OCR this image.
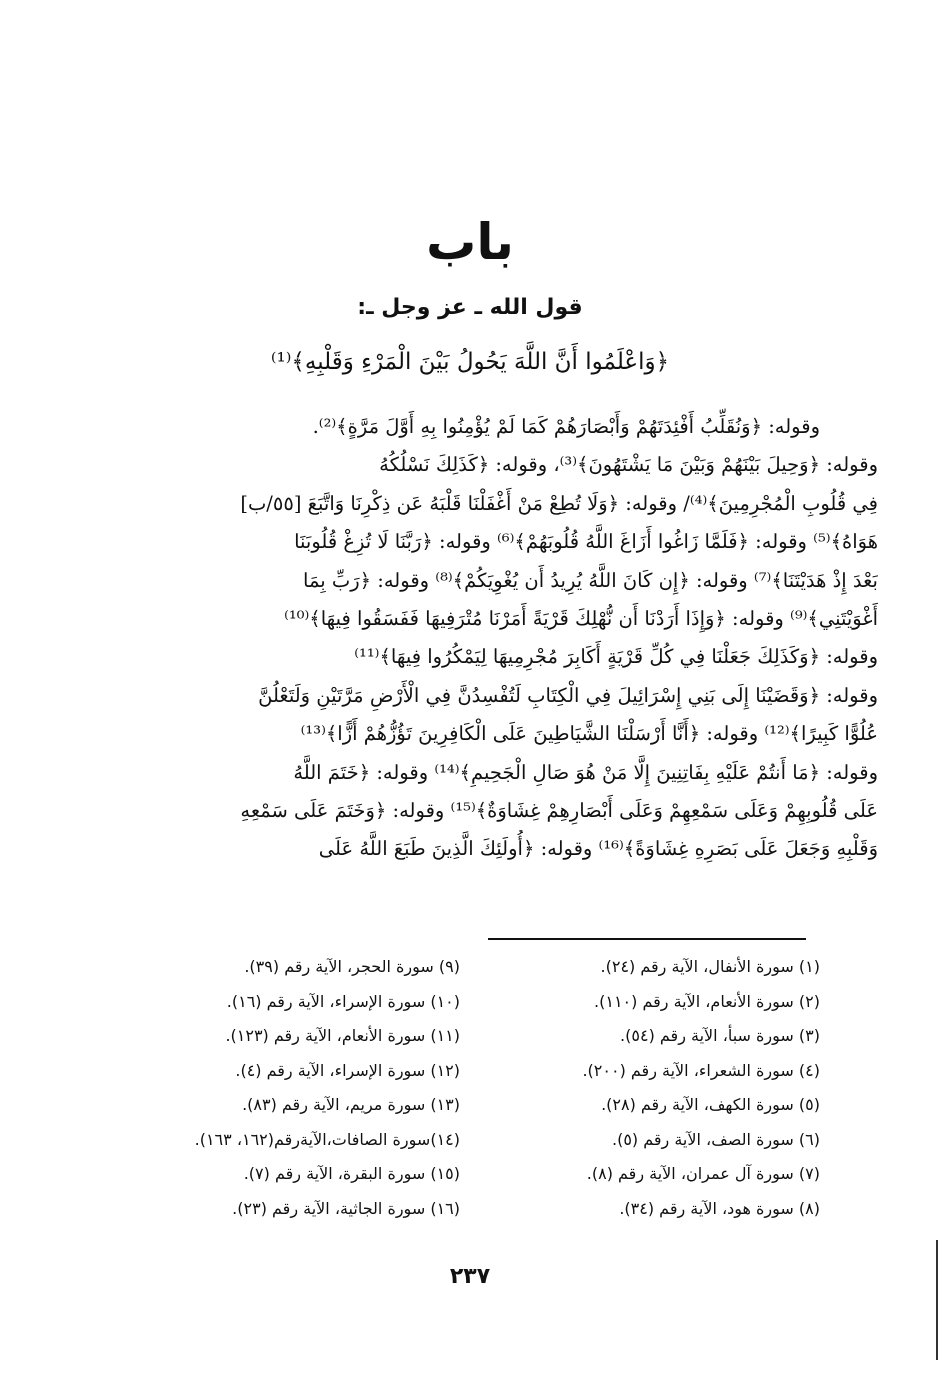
باب
قول الله ـ عز وجل ـ:
﴿وَاعْلَمُوا أَنَّ اللَّهَ يَحُولُ بَيْنَ الْمَرْءِ وَقَلْبِهِ﴾⁽¹⁾
وقوله: ﴿وَنُقَلِّبُ أَفْئِدَتَهُمْ وَأَبْصَارَهُمْ كَمَا لَمْ يُؤْمِنُوا بِهِ أَوَّلَ مَرَّةٍ﴾⁽²⁾.
وقوله: ﴿وَحِيلَ بَيْنَهُمْ وَبَيْنَ مَا يَشْتَهُونَ﴾⁽³⁾، وقوله: ﴿كَذَلِكَ نَسْلُكُهُ
فِي قُلُوبِ الْمُجْرِمِينَ﴾⁽⁴⁾/ وقوله: ﴿وَلَا تُطِعْ مَنْ أَغْفَلْنَا قَلْبَهُ عَن ذِكْرِنَا وَاتَّبَعَ [٥٥/ب]
هَوَاهُ﴾⁽⁵⁾ وقوله: ﴿فَلَمَّا زَاغُوا أَزَاغَ اللَّهُ قُلُوبَهُمْ﴾⁽⁶⁾ وقوله: ﴿رَبَّنَا لَا تُزِغْ قُلُوبَنَا
بَعْدَ إِذْ هَدَيْتَنَا﴾⁽⁷⁾ وقوله: ﴿إِن كَانَ اللَّهُ يُرِيدُ أَن يُغْوِيَكُمْ﴾⁽⁸⁾ وقوله: ﴿رَبِّ بِمَا
أَغْوَيْتَنِي﴾⁽⁹⁾ وقوله: ﴿وَإِذَا أَرَدْنَا أَن نُّهْلِكَ قَرْيَةً أَمَرْنَا مُتْرَفِيهَا فَفَسَقُوا فِيهَا﴾⁽¹⁰⁾
وقوله: ﴿وَكَذَلِكَ جَعَلْنَا فِي كُلِّ قَرْيَةٍ أَكَابِرَ مُجْرِمِيهَا لِيَمْكُرُوا فِيهَا﴾⁽¹¹⁾
وقوله: ﴿وَقَضَيْنَا إِلَى بَنِي إِسْرَائِيلَ فِي الْكِتَابِ لَتُفْسِدُنَّ فِي الْأَرْضِ مَرَّتَيْنِ وَلَتَعْلُنَّ
عُلُوًّا كَبِيرًا﴾⁽¹²⁾ وقوله: ﴿أَنَّا أَرْسَلْنَا الشَّيَاطِينَ عَلَى الْكَافِرِينَ تَؤُزُّهُمْ أَزًّا﴾⁽¹³⁾
وقوله: ﴿مَا أَنتُمْ عَلَيْهِ بِفَاتِنِينَ إِلَّا مَنْ هُوَ صَالِ الْجَحِيمِ﴾⁽¹⁴⁾ وقوله: ﴿خَتَمَ اللَّهُ
عَلَى قُلُوبِهِمْ وَعَلَى سَمْعِهِمْ وَعَلَى أَبْصَارِهِمْ غِشَاوَةٌ﴾⁽¹⁵⁾ وقوله: ﴿وَخَتَمَ عَلَى سَمْعِهِ
وَقَلْبِهِ وَجَعَلَ عَلَى بَصَرِهِ غِشَاوَةً﴾⁽¹⁶⁾ وقوله: ﴿أُولَئِكَ الَّذِينَ طَبَعَ اللَّهُ عَلَى
(١) سورة الأنفال، الآية رقم (٢٤).
(٢) سورة الأنعام، الآية رقم (١١٠).
(٣) سورة سبأ، الآية رقم (٥٤).
(٤) سورة الشعراء، الآية رقم (٢٠٠).
(٥) سورة الكهف، الآية رقم (٢٨).
(٦) سورة الصف، الآية رقم (٥).
(٧) سورة آل عمران، الآية رقم (٨).
(٨) سورة هود، الآية رقم (٣٤).
(٩) سورة الحجر، الآية رقم (٣٩).
(١٠) سورة الإسراء، الآية رقم (١٦).
(١١) سورة الأنعام، الآية رقم (١٢٣).
(١٢) سورة الإسراء، الآية رقم (٤).
(١٣) سورة مريم، الآية رقم (٨٣).
(١٤)سورة الصافات،الآيةرقم(١٦٢، ١٦٣).
(١٥) سورة البقرة، الآية رقم (٧).
(١٦) سورة الجاثية، الآية رقم (٢٣).
٢٣٧
